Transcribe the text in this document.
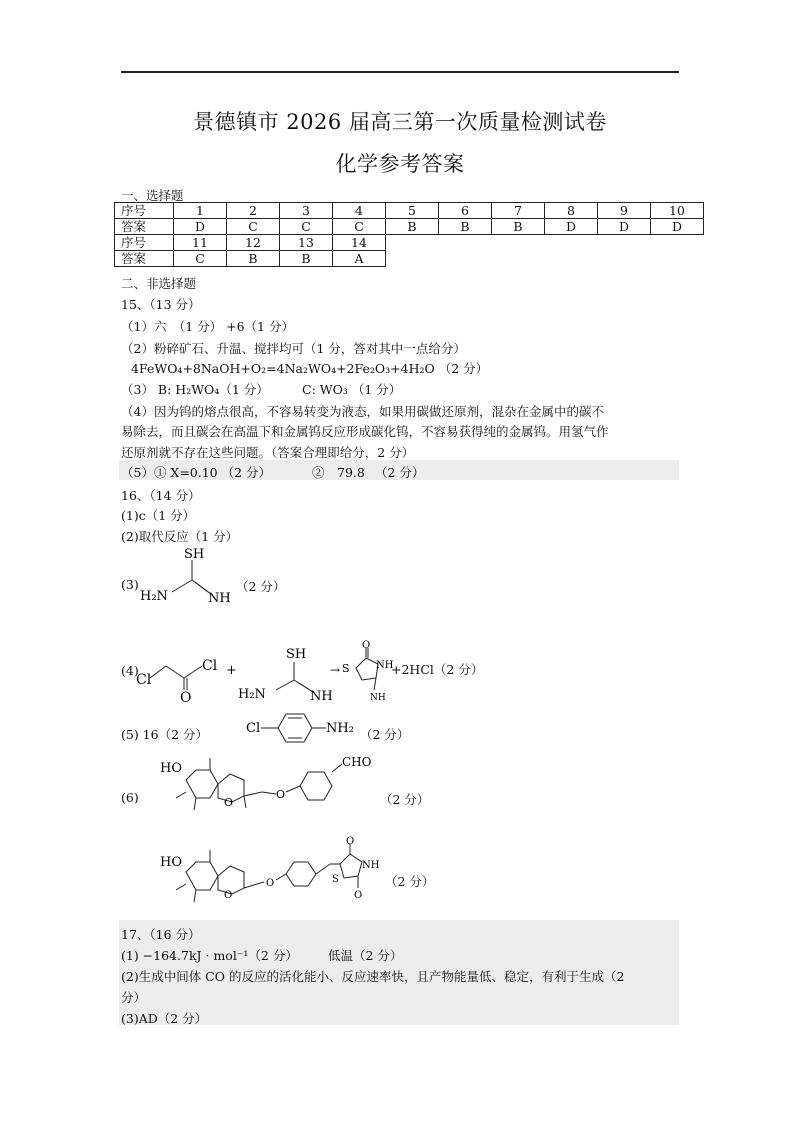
景德镇市 2026 届高三第一次质量检测试卷
化学参考答案
一、选择题
序号	1	2	3	4	5	6	7	8	9	10
答案	D	C	C	C	B	B	B	D	D	D
序号	11	12	13	14						
答案	C	B	B	A						
二、非选择题
15、（13 分）
（1）六　（1 分） +6（1 分）
（2）粉碎矿石、升温、搅拌均可（1 分，答对其中一点给分）
4FeWO₄+8NaOH+O₂=4Na₂WO₄+2Fe₂O₃+4H₂O （2 分）
（3） B: H₂WO₄（1 分）	C: WO₃ （1 分）
（4）因为钨的熔点很高，不容易转变为液态，如果用碳做还原剂，混杂在金属中的碳不
易除去，而且碳会在高温下和金属钨反应形成碳化钨，不容易获得纯的金属钨。用氢气作
还原剂就不存在这些问题。（答案合理即给分，2 分）
（5）① X=0.10 （2 分）	②　79.8 　（2 分）
16、（14 分）
(1)c（1 分）
(2)取代反应（1 分）
(3)
SH
H₂N	NH
（2 分）
(4)
Cl
O
Cl +
SH
H₂N	NH
→
O
S	NH
NH
+2HCl（2 分）
(5) 16（2 分）	Cl	NH₂ （2 分）
(6)
HO
O
O
CHO
（2 分）
HO
O
O
O
NH
S
O
（2 分）
17、（16 分）
(1) −164.7kJ · mol⁻¹（2 分） 低温（2 分）
(2)生成中间体 CO 的反应的活化能小、反应速率快，且产物能量低、稳定，有利于生成（2
分）
(3)AD（2 分）
